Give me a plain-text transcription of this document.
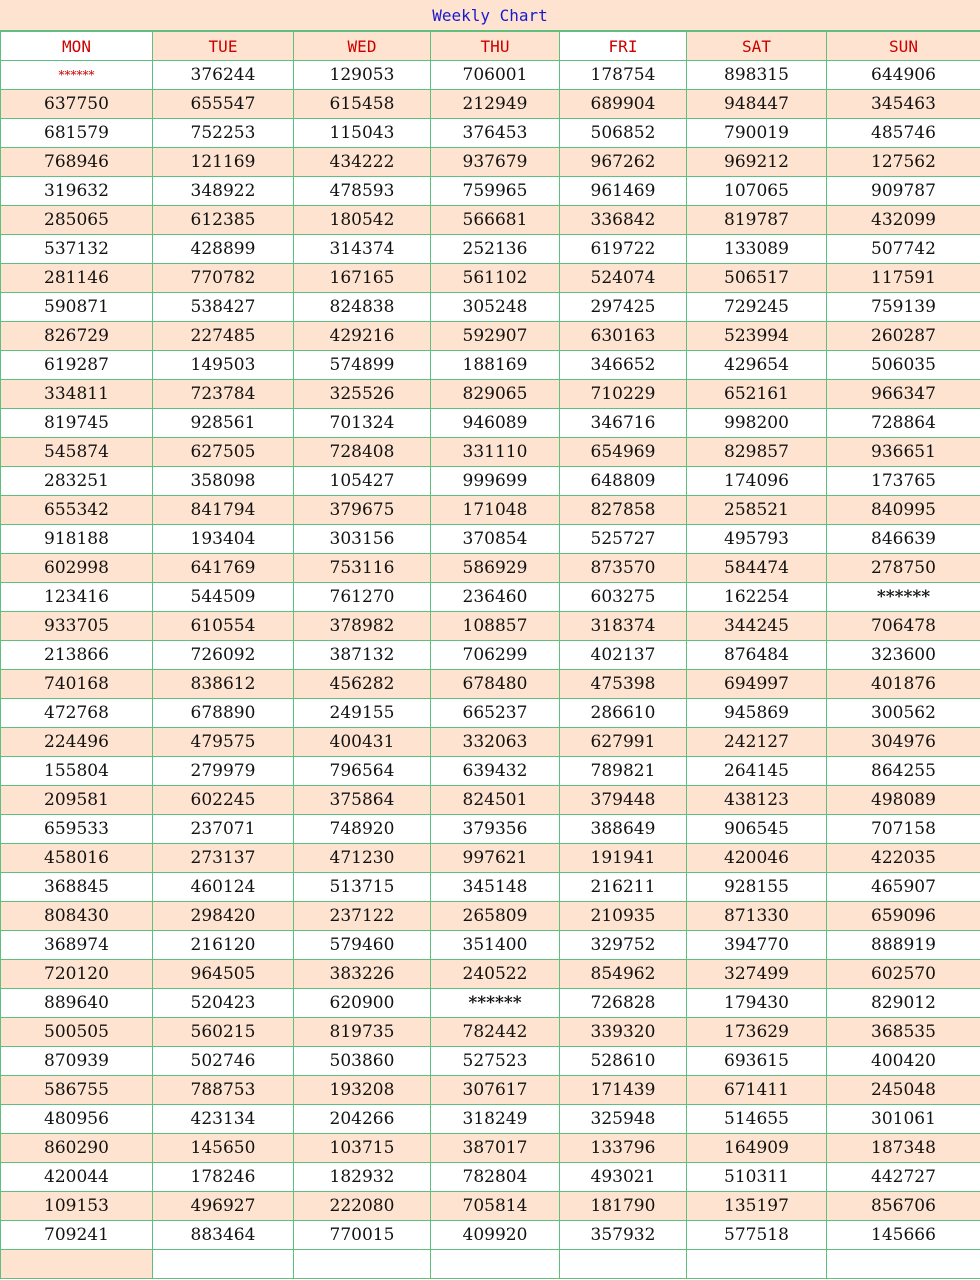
Weekly Chart
MON	TUE	WED	THU	FRI	SAT	SUN
******	376244	129053	706001	178754	898315	644906
637750	655547	615458	212949	689904	948447	345463
681579	752253	115043	376453	506852	790019	485746
768946	121169	434222	937679	967262	969212	127562
319632	348922	478593	759965	961469	107065	909787
285065	612385	180542	566681	336842	819787	432099
537132	428899	314374	252136	619722	133089	507742
281146	770782	167165	561102	524074	506517	117591
590871	538427	824838	305248	297425	729245	759139
826729	227485	429216	592907	630163	523994	260287
619287	149503	574899	188169	346652	429654	506035
334811	723784	325526	829065	710229	652161	966347
819745	928561	701324	946089	346716	998200	728864
545874	627505	728408	331110	654969	829857	936651
283251	358098	105427	999699	648809	174096	173765
655342	841794	379675	171048	827858	258521	840995
918188	193404	303156	370854	525727	495793	846639
602998	641769	753116	586929	873570	584474	278750
123416	544509	761270	236460	603275	162254	******
933705	610554	378982	108857	318374	344245	706478
213866	726092	387132	706299	402137	876484	323600
740168	838612	456282	678480	475398	694997	401876
472768	678890	249155	665237	286610	945869	300562
224496	479575	400431	332063	627991	242127	304976
155804	279979	796564	639432	789821	264145	864255
209581	602245	375864	824501	379448	438123	498089
659533	237071	748920	379356	388649	906545	707158
458016	273137	471230	997621	191941	420046	422035
368845	460124	513715	345148	216211	928155	465907
808430	298420	237122	265809	210935	871330	659096
368974	216120	579460	351400	329752	394770	888919
720120	964505	383226	240522	854962	327499	602570
889640	520423	620900	******	726828	179430	829012
500505	560215	819735	782442	339320	173629	368535
870939	502746	503860	527523	528610	693615	400420
586755	788753	193208	307617	171439	671411	245048
480956	423134	204266	318249	325948	514655	301061
860290	145650	103715	387017	133796	164909	187348
420044	178246	182932	782804	493021	510311	442727
109153	496927	222080	705814	181790	135197	856706
709241	883464	770015	409920	357932	577518	145666
